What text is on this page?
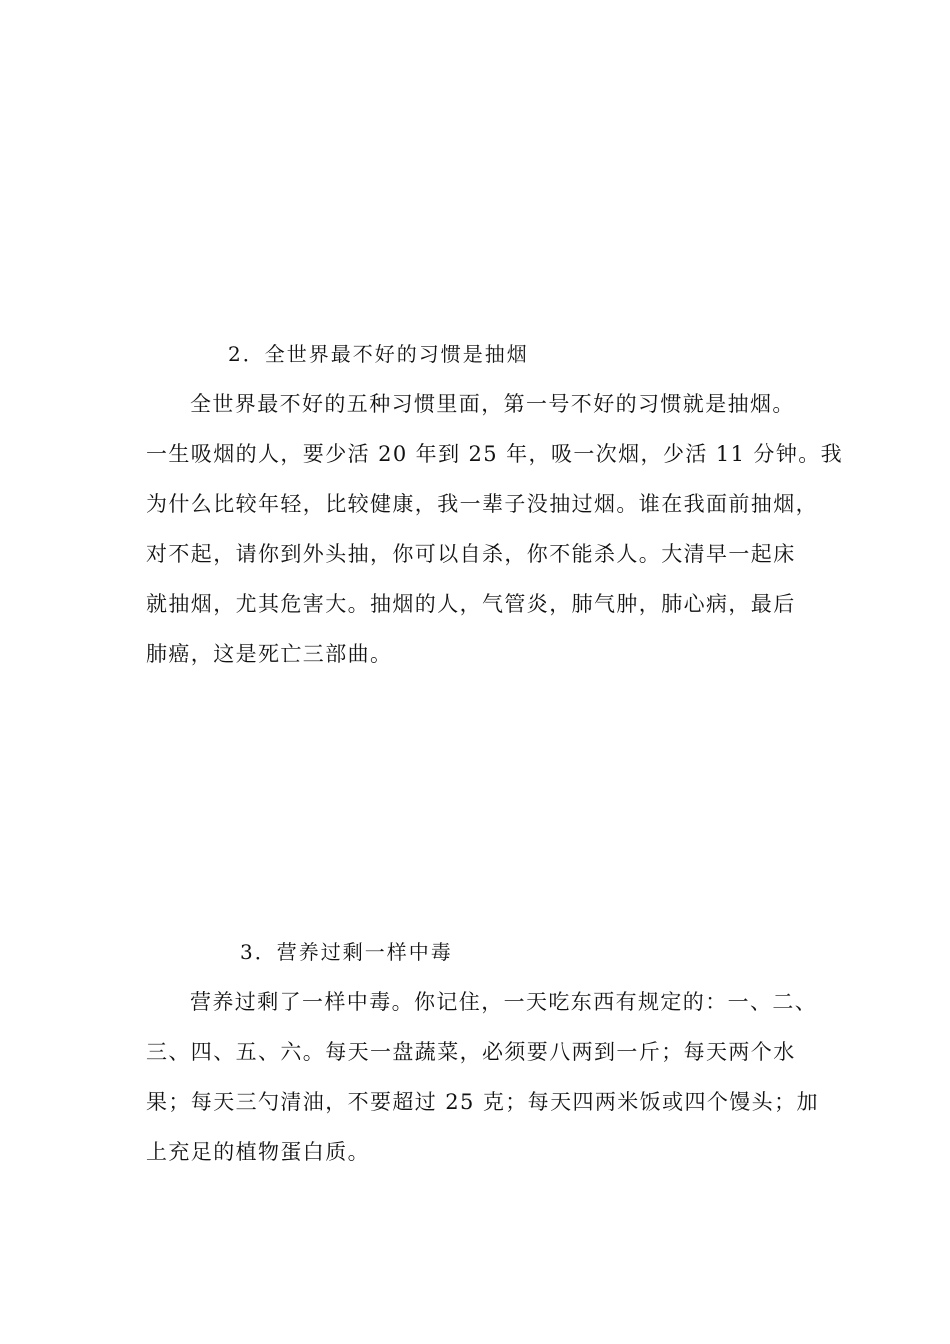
2．全世界最不好的习惯是抽烟
全世界最不好的五种习惯里面，第一号不好的习惯就是抽烟。
一生吸烟的人，要少活 20 年到 25 年，吸一次烟，少活 11 分钟。我
为什么比较年轻，比较健康，我一辈子没抽过烟。谁在我面前抽烟，
对不起，请你到外头抽，你可以自杀，你不能杀人。大清早一起床
就抽烟，尤其危害大。抽烟的人，气管炎，肺气肿，肺心病，最后
肺癌，这是死亡三部曲。
3．营养过剩一样中毒
营养过剩了一样中毒。你记住，一天吃东西有规定的：一、二、
三、四、五、六。每天一盘蔬菜，必须要八两到一斤；每天两个水
果；每天三勺清油，不要超过 25 克；每天四两米饭或四个馒头；加
上充足的植物蛋白质。
